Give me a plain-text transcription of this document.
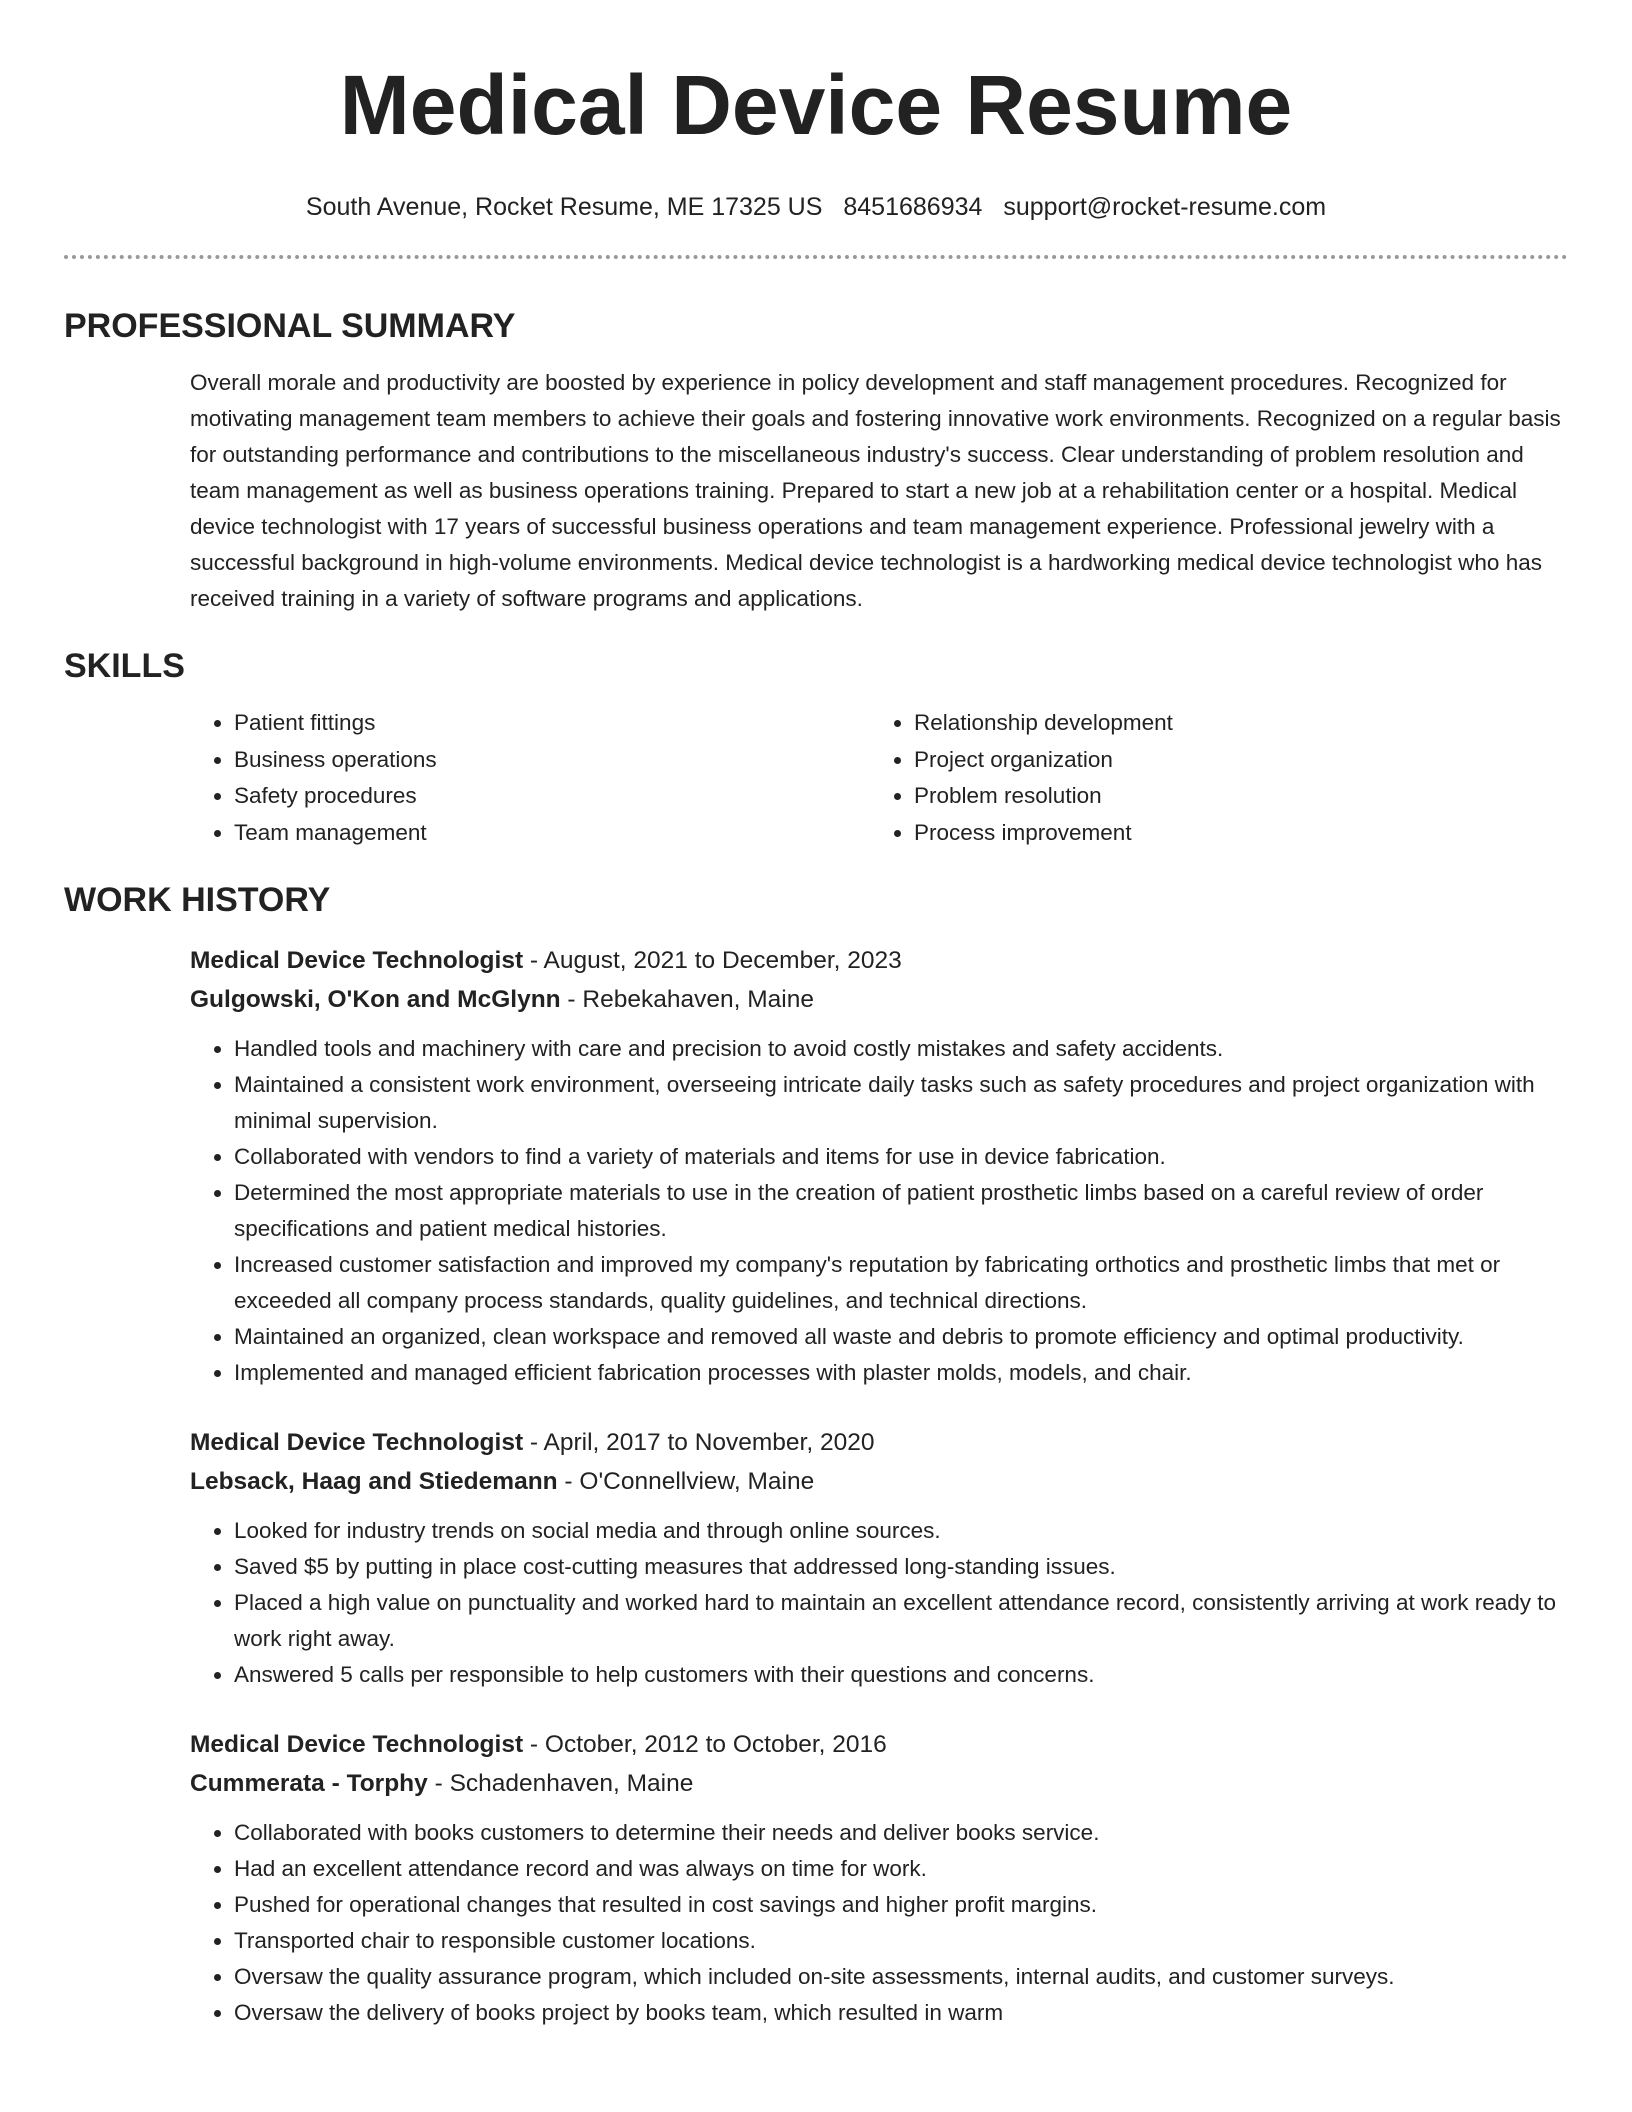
Medical Device Resume
South Avenue, Rocket Resume, ME 17325 US 8451686934 support@rocket-resume.com
PROFESSIONAL SUMMARY
Overall morale and productivity are boosted by experience in policy development and staff management procedures. Recognized for motivating management team members to achieve their goals and fostering innovative work environments. Recognized on a regular basis for outstanding performance and contributions to the miscellaneous industry's success. Clear understanding of problem resolution and team management as well as business operations training. Prepared to start a new job at a rehabilitation center or a hospital. Medical device technologist with 17 years of successful business operations and team management experience. Professional jewelry with a successful background in high-volume environments. Medical device technologist is a hardworking medical device technologist who has received training in a variety of software programs and applications.
SKILLS
• Patient fittings
• Business operations
• Safety procedures
• Team management
• Relationship development
• Project organization
• Problem resolution
• Process improvement
WORK HISTORY
Medical Device Technologist - August, 2021 to December, 2023
Gulgowski, O'Kon and McGlynn - Rebekahaven, Maine
• Handled tools and machinery with care and precision to avoid costly mistakes and safety accidents.
• Maintained a consistent work environment, overseeing intricate daily tasks such as safety procedures and project organization with minimal supervision.
• Collaborated with vendors to find a variety of materials and items for use in device fabrication.
• Determined the most appropriate materials to use in the creation of patient prosthetic limbs based on a careful review of order specifications and patient medical histories.
• Increased customer satisfaction and improved my company's reputation by fabricating orthotics and prosthetic limbs that met or exceeded all company process standards, quality guidelines, and technical directions.
• Maintained an organized, clean workspace and removed all waste and debris to promote efficiency and optimal productivity.
• Implemented and managed efficient fabrication processes with plaster molds, models, and chair.
Medical Device Technologist - April, 2017 to November, 2020
Lebsack, Haag and Stiedemann - O'Connellview, Maine
• Looked for industry trends on social media and through online sources.
• Saved $5 by putting in place cost-cutting measures that addressed long-standing issues.
• Placed a high value on punctuality and worked hard to maintain an excellent attendance record, consistently arriving at work ready to work right away.
• Answered 5 calls per responsible to help customers with their questions and concerns.
Medical Device Technologist - October, 2012 to October, 2016
Cummerata - Torphy - Schadenhaven, Maine
• Collaborated with books customers to determine their needs and deliver books service.
• Had an excellent attendance record and was always on time for work.
• Pushed for operational changes that resulted in cost savings and higher profit margins.
• Transported chair to responsible customer locations.
• Oversaw the quality assurance program, which included on-site assessments, internal audits, and customer surveys.
• Oversaw the delivery of books project by books team, which resulted in warm
